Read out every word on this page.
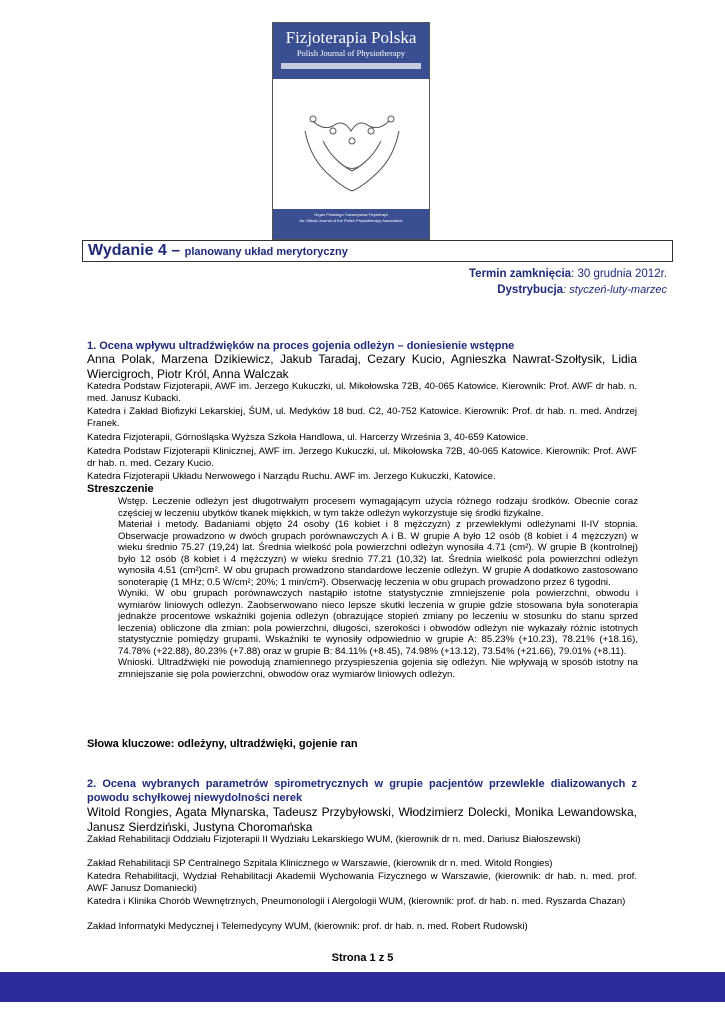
Fizjoterapia Polska
Polish Journal of Physiotherapy
Organ Polskiego Towarzystwa Fizjoterapii
An Official Journal of the Polish Physiotherapy Association
Wydanie 4 – planowany układ merytoryczny
Termin zamknięcia: 30 grudnia 2012r.
Dystrybucja: styczeń-luty-marzec
1. Ocena wpływu ultradźwięków na proces gojenia odleżyn – doniesienie wstępne
Anna Polak, Marzena Dzikiewicz, Jakub Taradaj, Cezary Kucio, Agnieszka Nawrat-Szołtysik, Lidia Wiercigroch, Piotr Król, Anna Walczak
Katedra Podstaw Fizjoterapii, AWF im. Jerzego Kukuczki, ul. Mikołowska 72B, 40-065 Katowice. Kierownik: Prof. AWF dr hab. n. med. Janusz Kubacki.
Katedra i Zakład Biofizyki Lekarskiej, ŚUM, ul. Medyków 18 bud. C2, 40-752 Katowice. Kierownik: Prof. dr hab. n. med. Andrzej Franek.
Katedra Fizjoterapii, Górnośląska Wyższa Szkoła Handlowa, ul. Harcerzy Września 3, 40-659 Katowice.
Katedra Podstaw Fizjoterapii Klinicznej, AWF im. Jerzego Kukuczki, ul. Mikołowska 72B, 40-065 Katowice. Kierownik: Prof. AWF dr hab. n. med. Cezary Kucio.
Katedra Fizjoterapii Układu Nerwowego i Narządu Ruchu. AWF im. Jerzego Kukuczki, Katowice.
Streszczenie

Wstęp. Leczenie odleżyn jest długotrwałym procesem wymagającym użycia różnego rodzaju środków. Obecnie coraz częściej w leczeniu ubytków tkanek miękkich, w tym także odleżyn wykorzystuje się środki fizykalne.

Materiał i metody. Badaniami objęto 24 osoby (16 kobiet i 8 mężczyzn) z przewlekłymi odleżynami II-IV stopnia. Obserwacje prowadzono w dwóch grupach porównawczych A i B. W grupie A było 12 osób (8 kobiet i 4 mężczyzn) w wieku średnio 75.27 (19,24) lat. Średnia wielkość pola powierzchni odleżyn wynosiła 4.71 (cm²). W grupie B (kontrolnej) było 12 osób (8 kobiet i 4 mężczyzn) w wieku średnio 77.21 (10,32) lat. Średnia wielkość pola powierzchni odleżyn wynosiła 4.51 (cm²)cm². W obu grupach prowadzono standardowe leczenie odleżyn. W grupie A dodatkowo zastosowano sonoterapię (1 MHz; 0.5 W/cm²; 20%; 1 min/cm²). Obserwację leczenia w obu grupach prowadzono przez 6 tygodni.

Wyniki. W obu grupach porównawczych nastąpiło istotne statystycznie zmniejszenie pola powierzchni, obwodu i wymiarów liniowych odleżyn. Zaobserwowano nieco lepsze skutki leczenia w grupie gdzie stosowana była sonoterapia jednakże procentowe wskaźniki gojenia odleżyn (obrazujące stopień zmiany po leczeniu w stosunku do stanu sprzed leczenia) obliczone dla zmian: pola powierzchni, długości, szerokości i obwodów odleżyn nie wykazały różnic istotnych statystycznie pomiędzy grupami. Wskaźniki te wynosiły odpowiednio w grupie A: 85.23% (+10.23), 78.21% (+18.16), 74.78% (+22.88), 80.23% (+7.88) oraz w grupie B: 84.11% (+8.45), 74.98% (+13.12), 73.54% (+21.66), 79.01% (+8.11).

Wnioski. Ultradźwięki nie powodują znamiennego przyspieszenia gojenia się odleżyn. Nie wpływają w sposób istotny na zmniejszanie się pola powierzchni, obwodów oraz wymiarów liniowych odleżyn.

Słowa kluczowe: odleżyny, ultradźwięki, gojenie ran
2. Ocena wybranych parametrów spirometrycznych w grupie pacjentów przewlekle dializowanych z powodu schyłkowej niewydolności nerek
Witold Rongies, Agata Młynarska, Tadeusz Przybyłowski, Włodzimierz Dolecki, Monika Lewandowska, Janusz Sierdziński, Justyna Choromańska
Zakład Rehabilitacji Oddziału Fizjoterapii II Wydziału Lekarskiego WUM, (kierownik dr n. med. Dariusz Białoszewski)
Zakład Rehabilitacji SP Centralnego Szpitala Klinicznego w Warszawie, (kierownik dr n. med. Witold Rongies)
Katedra Rehabilitacji, Wydział Rehabilitacji Akademii Wychowania Fizycznego w Warszawie, (kierownik: dr hab. n. med. prof. AWF Janusz Domaniecki)
Katedra i Klinika Chorób Wewnętrznych, Pneumonologii i Alergologii WUM, (kierownik: prof. dr hab. n. med. Ryszarda Chazan)
Zakład Informatyki Medycznej i Telemedycyny WUM, (kierownik: prof. dr hab. n. med. Robert Rudowski)
Strona 1 z 5
